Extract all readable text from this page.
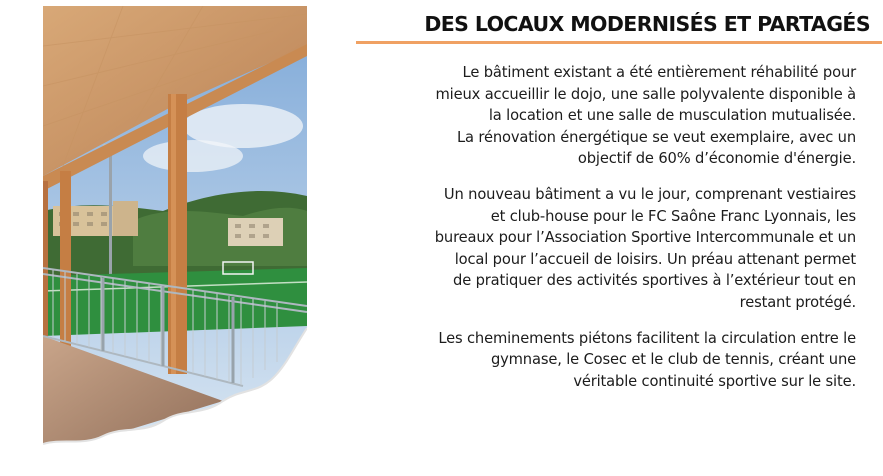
DES LOCAUX MODERNISÉS ET PARTAGÉS

Le bâtiment existant a été entièrement réhabilité pour
mieux accueillir le dojo, une salle polyvalente disponible à
la location et une salle de musculation mutualisée.
La rénovation énergétique se veut exemplaire, avec un
objectif de 60% d’économie d'énergie.

Un nouveau bâtiment a vu le jour, comprenant vestiaires
et club-house pour le FC Saône Franc Lyonnais, les
bureaux pour l’Association Sportive Intercommunale et un
local pour l’accueil de loisirs. Un préau attenant permet
de pratiquer des activités sportives à l’extérieur tout en
restant protégé.

Les cheminements piétons facilitent la circulation entre le
gymnase, le Cosec et le club de tennis, créant une
véritable continuité sportive sur le site.
